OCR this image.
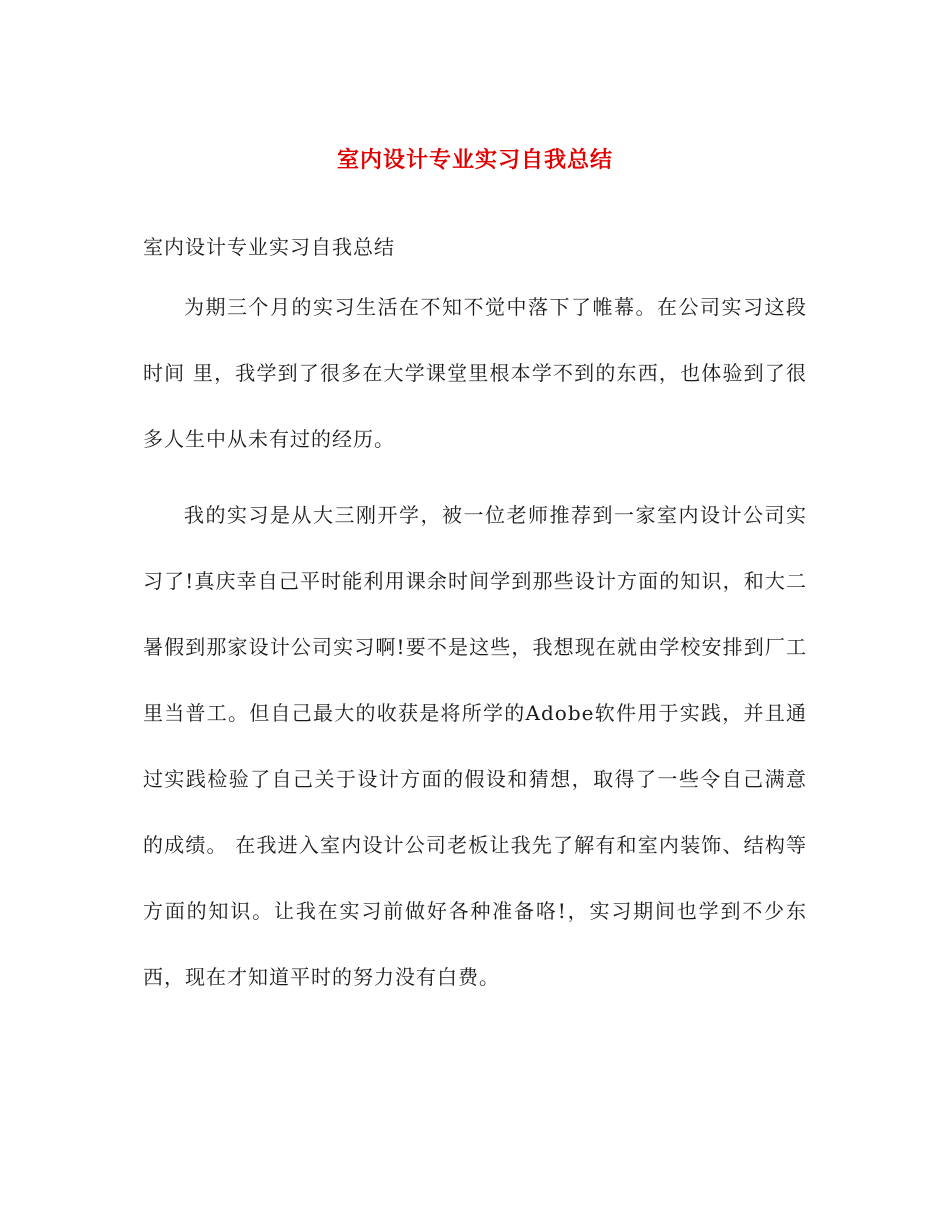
室内设计专业实习自我总结
室内设计专业实习自我总结

为期三个月的实习生活在不知不觉中落下了帷幕。在公司实习这段时间 里，我学到了很多在大学课堂里根本学不到的东西，也体验到了很多人生中从未有过的经历。

我的实习是从大三刚开学，被一位老师推荐到一家室内设计公司实习了!真庆幸自己平时能利用课余时间学到那些设计方面的知识，和大二暑假到那家设计公司实习啊!要不是这些，我想现在就由学校安排到厂工里当普工。但自己最大的收获是将所学的Adobe软件用于实践，并且通 过实践检验了自己关于设计方面的假设和猜想，取得了一些令自己满意的成绩。 在我进入室内设计公司老板让我先了解有和室内装饰、结构等方面的知识。让我在实习前做好各种准备咯!，实习期间也学到不少东西，现在才知道平时的努力没有白费。
